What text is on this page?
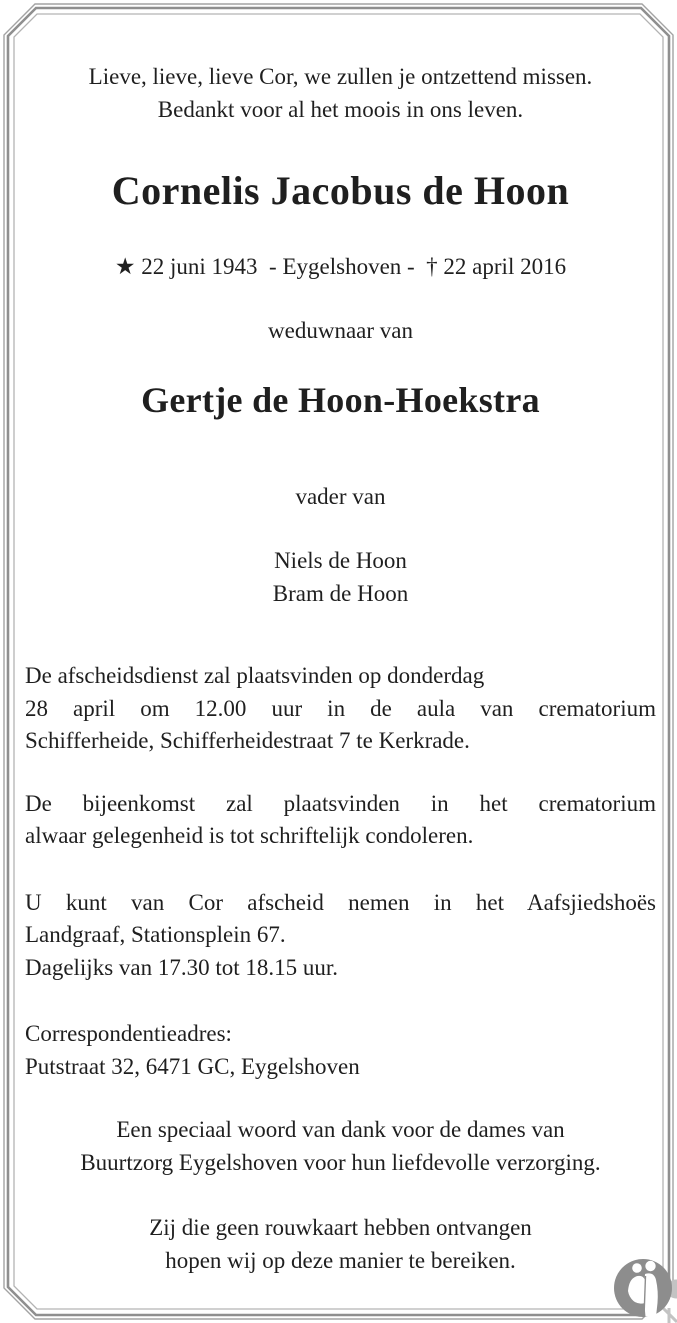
Lieve, lieve, lieve Cor, we zullen je ontzettend missen.
Bedankt voor al het moois in ons leven.
Cornelis Jacobus de Hoon
★ 22 juni 1943  - Eygelshoven -  † 22 april 2016
weduwnaar van
Gertje de Hoon-Hoekstra
vader van
Niels de Hoon
Bram de Hoon
De afscheidsdienst zal plaatsvinden op donderdag
28 april om 12.00 uur in de aula van crematorium
Schifferheide, Schifferheidestraat 7 te Kerkrade.
De bijeenkomst zal plaatsvinden in het crematorium
alwaar gelegenheid is tot schriftelijk condoleren.
U kunt van Cor afscheid nemen in het Aafsjiedshoës
Landgraaf, Stationsplein 67.
Dagelijks van 17.30 tot 18.15 uur.
Correspondentieadres:
Putstraat 32, 6471 GC, Eygelshoven
Een speciaal woord van dank voor de dames van
Buurtzorg Eygelshoven voor hun liefdevolle verzorging.
Zij die geen rouwkaart hebben ontvangen
hopen wij op deze manier te bereiken.
